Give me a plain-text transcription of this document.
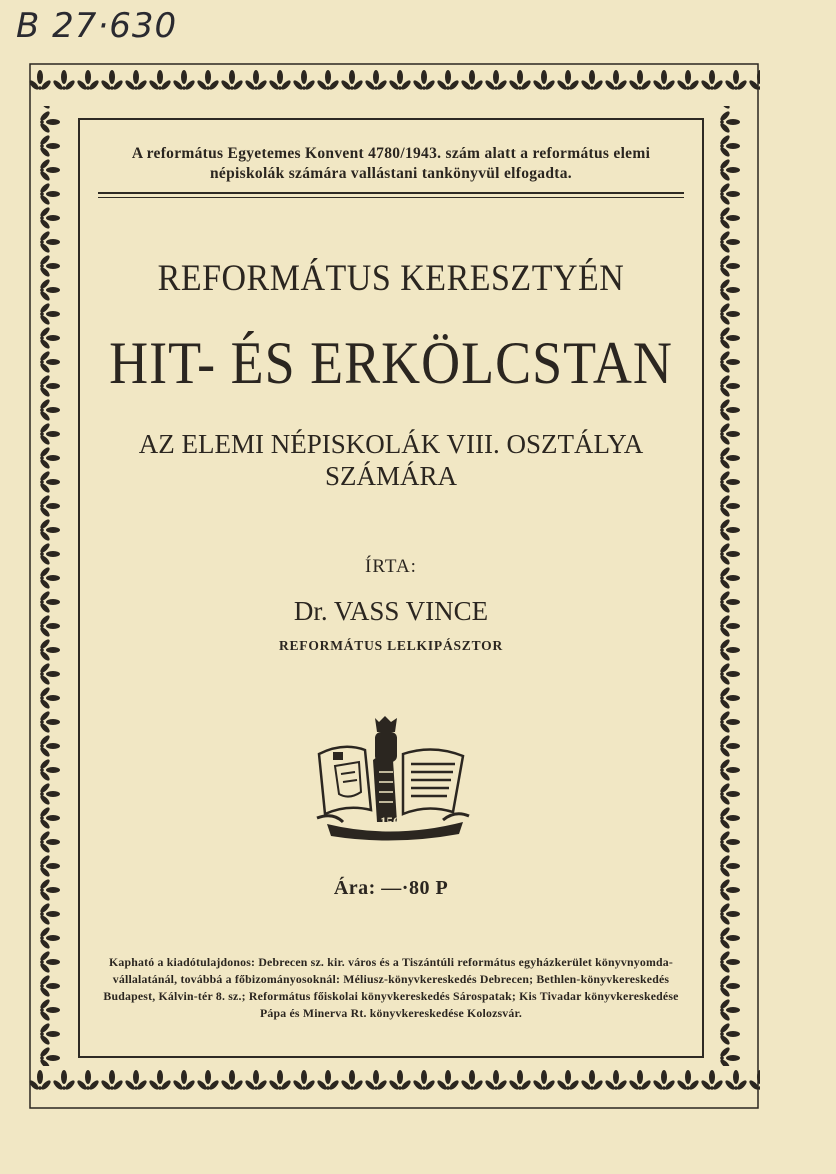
B 27·630
A református Egyetemes Konvent 4780/1943. szám alatt a református elemi népiskolák számára vallástani tankönyvül elfogadta.
REFORMÁTUS KERESZTYÉN
HIT- ÉS ERKÖLCSTAN
AZ ELEMI NÉPISKOLÁK VIII. OSZTÁLYA
SZÁMÁRA
ÍRTA:
Dr. VASS VINCE
REFORMÁTUS LELKIPÁSZTOR
1561
Ára: —·80 P
Kapható a kiadótulajdonos: Debrecen sz. kir. város és a Tiszántúli református egyházkerület könyvnyomda-vállalatánál, továbbá a főbizományosoknál: Méliusz-könyvkereskedés Debrecen; Bethlen-könyvkereskedés Budapest, Kálvin-tér 8. sz.; Református főiskolai könyvkereskedés Sárospatak; Kis Tivadar könyvkereskedése Pápa és Minerva Rt. könyvkereskedése Kolozsvár.
